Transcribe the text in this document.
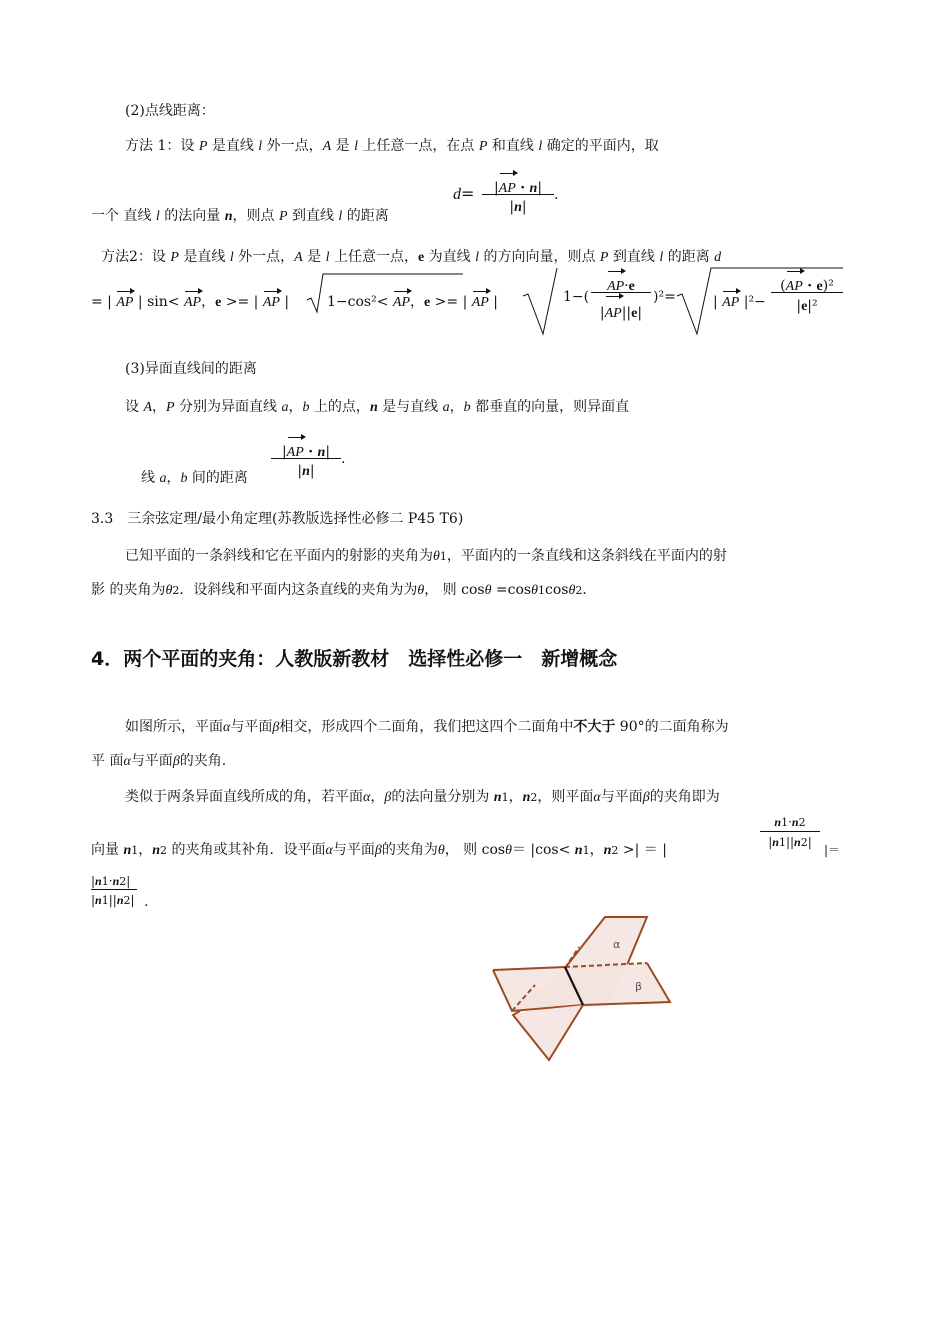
(2)点线距离：
方法 1：设 P 是直线 l 外一点，A 是 l 上任意一点，在点 P 和直线 l 确定的平面内，取
$d= \frac{|AP \cdot n|}{|n|}$ .
一个 直线 l 的法向量 n，则点 P 到直线 l 的距离
方法2：设 P 是直线 l 外一点，A 是 l 上任意一点，e 为直线 l 的方向向量，则点 P 到直线 l 的距离 d
= | AP | sin< AP，e >= | AP |	1−cos²< AP，e >= | AP |	$1-( \frac{AP\cdot e}{|AP||e|} )^2=$	| AP $|^2- \frac{\text{(AP · e)²}}{\text{|e|²}}$
(3)异面直线间的距离
设 A，P 分别为异面直线 a，b 上的点，n 是与直线 a，b 都垂直的向量，则异面直
$\frac{|AP \cdot n|}{|n|}$ .
线 a，b 间的距离
3.3　三余弦定理/最小角定理(苏教版选择性必修二 P45 T6)
已知平面的一条斜线和它在平面内的射影的夹角为θ1，平面内的一条直线和这条斜线在平面内的射
影 的夹角为θ2．设斜线和平面内这条直线的夹角为为θ， 则 cosθ =cosθ1cosθ2．
4．两个平面的夹角：人教版新教材　选择性必修一　新增概念
如图所示，平面α与平面β相交，形成四个二面角，我们把这四个二面角中不大于 90°的二面角称为
平 面α与平面β的夹角.
类似于两条异面直线所成的角，若平面α，β的法向量分别为 n1，n2，则平面α与平面β的夹角即为
$\frac{n1\cdot n2}{|n1||n2|}$
向量 n1，n2 的夹角或其补角．设平面α与平面β的夹角为θ， 则 cosθ＝ |cos< n1，n2 >| ＝ |	|＝
$\frac{|n1\cdot n2|}{|n1||n2|}$ .
α
β
